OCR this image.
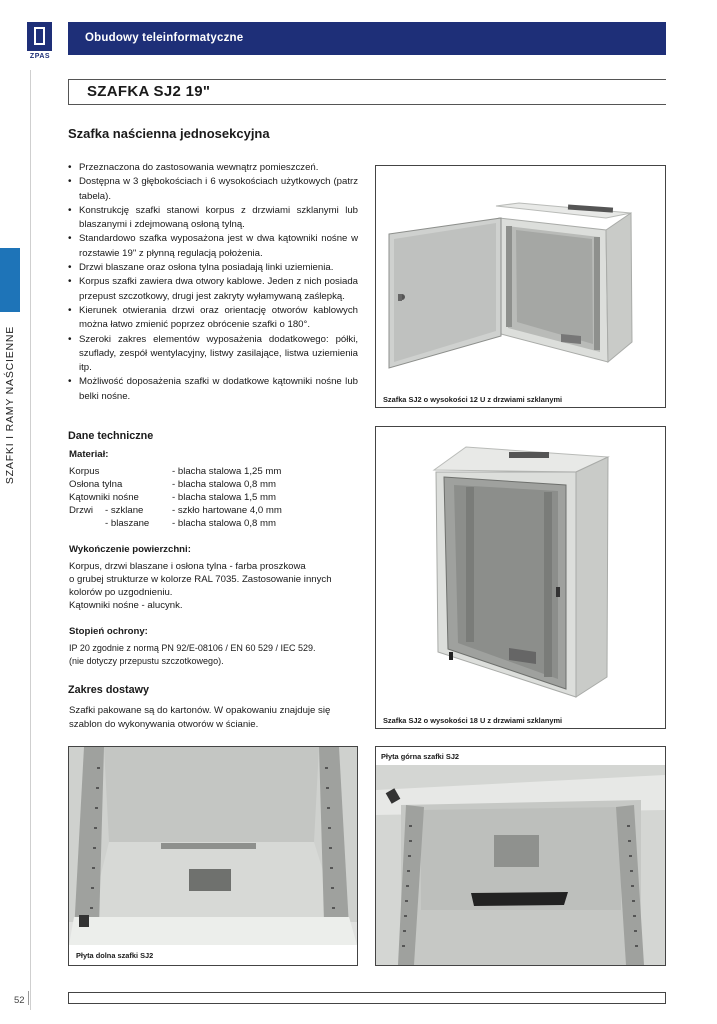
ZPAS
Obudowy teleinformatyczne
SZAFKA SJ2 19"
SZAFKI I RAMY NAŚCIENNE
Szafka naścienna jednosekcyjna
• Przeznaczona do zastosowania wewnątrz pomieszczeń.
• Dostępna w 3 głębokościach i 6 wysokościach użytkowych (patrz tabela).
• Konstrukcję szafki stanowi korpus z drzwiami szklanymi lub blaszanymi i zdejmowaną osłoną tylną.
• Standardowo szafka wyposażona jest w dwa kątowniki nośne w rozstawie 19" z płynną regulacją położenia.
• Drzwi blaszane oraz osłona tylna posiadają linki uziemienia.
• Korpus szafki zawiera dwa otwory kablowe. Jeden z nich posiada przepust szczotkowy, drugi jest zakryty wyłamywaną zaślepką.
• Kierunek otwierania drzwi oraz orientację otworów kablowych można łatwo zmienić poprzez obrócenie szafki o 180°.
• Szeroki zakres elementów wyposażenia dodatkowego: półki, szuflady, zespół wentylacyjny, listwy zasilające, listwa uziemienia itp.
• Możliwość doposażenia szafki w dodatkowe kątowniki nośne lub belki nośne.
Dane techniczne
Materiał:
Korpus	- blacha stalowa 1,25 mm
Osłona tylna	- blacha stalowa 0,8 mm
Kątowniki nośne	- blacha stalowa 1,5 mm
Drzwi - szklane	- szkło hartowane 4,0 mm
- blaszane - blacha stalowa 0,8 mm
Wykończenie powierzchni:
Korpus, drzwi blaszane i osłona tylna - farba proszkowa
o grubej strukturze w kolorze RAL 7035. Zastosowanie innych
kolorów po uzgodnieniu.
Kątowniki nośne - alucynk.
Stopień ochrony:
IP 20 zgodnie z normą PN 92/E-08106 / EN 60 529 / IEC 529.
(nie dotyczy przepustu szczotkowego).
Zakres dostawy
Szafki pakowane są do kartonów. W opakowaniu znajduje się
szablon do wykonywania otworów w ścianie.
Szafka SJ2 o wysokości 12 U z drzwiami szklanymi
Szafka SJ2 o wysokości 18 U z drzwiami szklanymi
Płyta górna szafki SJ2
Płyta dolna szafki SJ2
52
